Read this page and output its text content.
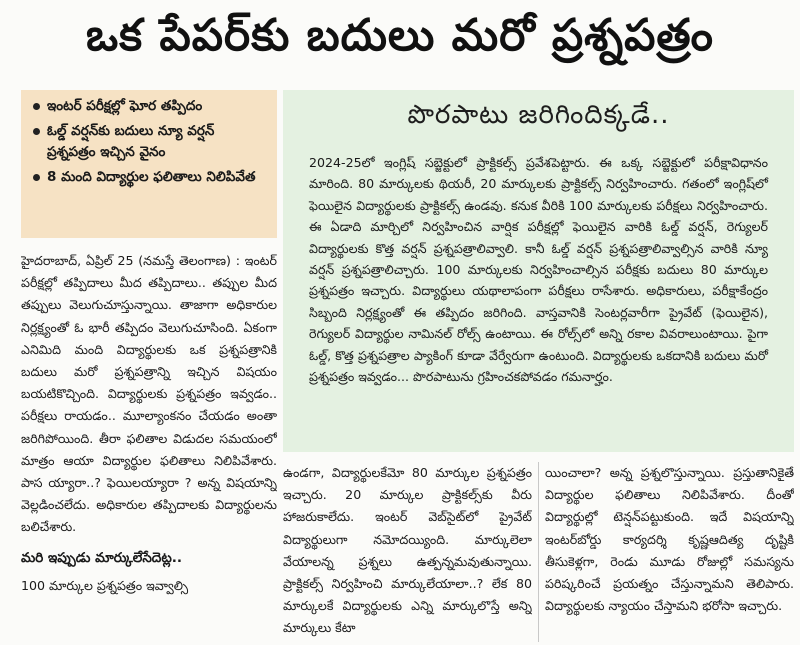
ఒక పేపర్‌కు బదులు మరో ప్రశ్నపత్రం
ఇంటర్ పరీక్షల్లో ఘోర తప్పిదం
ఓల్డ్ వర్షన్‌కు బదులు న్యూ వర్షన్ ప్రశ్నపత్రం ఇచ్చిన వైనం
8 మంది విద్యార్థుల ఫలితాలు నిలిపివేత

హైదరాబాద్, ఏప్రిల్ 25 (నమస్తే తెలంగాణ) : ఇంటర్ పరీక్షల్లో తప్పిదాలు మీద తప్పిదాలు.. తప్పుల మీద తప్పులు వెలుగుచూస్తున్నాయి. తాజాగా అధికారుల నిర్లక్ష్యంతో ఓ భారీ తప్పిదం వెలుగుచూసింది. ఏకంగా ఎనిమిది మంది విద్యార్థులకు ఒక ప్రశ్నపత్రానికి బదులు మరో ప్రశ్నపత్రాన్ని ఇచ్చిన విషయం బయటికొచ్చింది. విద్యార్థులకు ప్రశ్నపత్రం ఇవ్వడం.. పరీక్షలు రాయడం.. మూల్యాంకనం చేయడం అంతా జరిగిపోయింది. తీరా ఫలితాల విడుదల సమయంలో మాత్రం ఆయా విద్యార్థుల ఫలితాలు నిలిపివేశారు. పాస య్యారా..? ఫెయిలయ్యారా ? అన్న విషయాన్ని వెల్లడించలేదు. అధికారుల తప్పిదాలకు విద్యార్థులను బలిచేశారు.

మరి ఇప్పుడు మార్కులేసేదెట్ల..

100 మార్కుల ప్రశ్నపత్రం ఇవ్వాల్సి

పొరపాటు జరిగిందిక్కడే..
2024-25లో ఇంగ్లిష్ సబ్జెక్టులో ప్రాక్టికల్స్ ప్రవేశపెట్టారు. ఈ ఒక్క సబ్జెక్టులో పరీక్షావిధానం మారింది. 80 మార్కులకు థియరీ, 20 మార్కులకు ప్రాక్టికల్స్ నిర్వహించారు. గతంలో ఇంగ్లిష్‌లో ఫెయిలైన విద్యార్థులకు ప్రాక్టికల్స్ ఉండవు. కనుక వీరికి 100 మార్కులకు పరీక్షలు నిర్వహించారు. ఈ ఏడాది మార్చిలో నిర్వహించిన వార్షిక పరీక్షల్లో ఫెయిలైన వారికి ఓల్డ్ వర్షన్, రెగ్యులర్ విద్యార్థులకు కొత్త వర్షన్ ప్రశ్నపత్రాలివ్వాలి. కానీ ఓల్డ్ వర్షన్ ప్రశ్నపత్రాలివ్వాల్సిన వారికి న్యూ వర్షన్ ప్రశ్నపత్రాలిచ్చారు. 100 మార్కులకు నిర్వహించాల్సిన పరీక్షకు బదులు 80 మార్కుల ప్రశ్నపత్రం ఇచ్చారు. విద్యార్థులు యథాలాపంగా పరీక్షలు రాసేశారు. అధికారులు, పరీక్షాకేంద్రం సిబ్బంది నిర్లక్ష్యంతో ఈ తప్పిదం జరిగింది. వాస్తవానికి సెంటర్లవారీగా ప్రైవేట్ (ఫెయిలైన), రెగ్యులర్ విద్యార్థుల నామినల్ రోల్స్ ఉంటాయి. ఈ రోల్స్‌లో అన్ని రకాల వివరాలుంటాయి. పైగా ఓల్డ్, కొత్త ప్రశ్నపత్రాల ప్యాకింగ్ కూడా వేర్వేరుగా ఉంటుంది. విద్యార్థులకు ఒకదానికి బదులు మరో ప్రశ్నపత్రం ఇవ్వడం... పొరపాటును గ్రహించకపోవడం గమనార్హం.
ఉండగా, విద్యార్థులకేమో 80 మార్కుల ప్రశ్నపత్రం ఇచ్చారు. 20 మార్కుల ప్రాక్టికల్స్‌కు వీరు హాజరుకాలేదు. ఇంటర్ వెబ్‌సైట్‌లో ప్రైవేట్ విద్యార్థులుగా నమోదయ్యింది. మార్కులెలా వేయాలన్న ప్రశ్నలు ఉత్పన్నమవుతున్నాయి. ప్రాక్టికల్స్ నిర్వహించి మార్కులేయాలా..? లేక 80 మార్కులకే విద్యార్థులకు ఎన్ని మార్కులొస్తే అన్ని మార్కులు కేటా
యించాలా? అన్న ప్రశ్నలొస్తున్నాయి. ప్రస్తుతానికైతే విద్యార్థుల ఫలితాలు నిలిపివేశారు. దీంతో విద్యార్థుల్లో టెన్షన్‌పట్టుకుంది. ఇదే విషయాన్ని ఇంటర్‌బోర్డు కార్యదర్శి కృష్ణఆదిత్య దృష్టికి తీసుకెళ్లగా, రెండు మూడు రోజుల్లో సమస్యను పరిష్కరించే ప్రయత్నం చేస్తున్నామని తెలిపారు. విద్యార్థులకు న్యాయం చేస్తామని భరోసా ఇచ్చారు.
